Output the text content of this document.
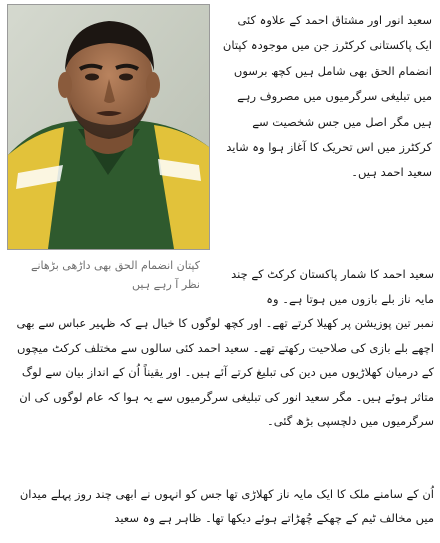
کپتان انضمام الحق بھی داڑھی بڑھانے نظر آ رہے ہیں

سعید انور اور مشتاق احمد کے علاوہ کئی ایک پاکستانی کرکٹرز جن میں موجودہ کپتان انضمام الحق بھی شامل ہیں کچھ برسوں میں تبلیغی سرگرمیوں میں مصروف رہے ہیں مگر اصل میں جس شخصیت سے کرکٹرز میں اس تحریک کا آغاز ہوا وہ شاید سعید احمد ہیں۔

سعید احمد کا شمار پاکستان کرکٹ کے چند مایہ ناز بلے بازوں میں ہوتا ہے۔ وہ
نمبر تین پوزیشن پر کھیلا کرتے تھے۔ اور کچھ لوگوں کا خیال ہے کہ ظہیر عباس سے بھی اچھے بلے بازی کی صلاحیت رکھتے تھے۔ سعید احمد کئی سالوں سے مختلف کرکٹ میچوں کے درمیان کھلاڑیوں میں دین کی تبلیغ کرتے آئے ہیں۔ اور یقیناً اُن کے انداز بیان سے لوگ متاثر ہوئے ہیں۔ مگر سعید انور کی تبلیغی سرگرمیوں سے یہ ہوا کہ عام لوگوں کی ان سرگرمیوں میں دلچسپی بڑھ گئی۔

اُن کے سامنے ملک کا ایک مایہ ناز کھلاڑی تھا جس کو انہوں نے ابھی چند روز پہلے میدان میں مخالف ٹیم کے چھکے چُھڑاتے ہوئے دیکھا تھا۔ ظاہر ہے وہ سعید
